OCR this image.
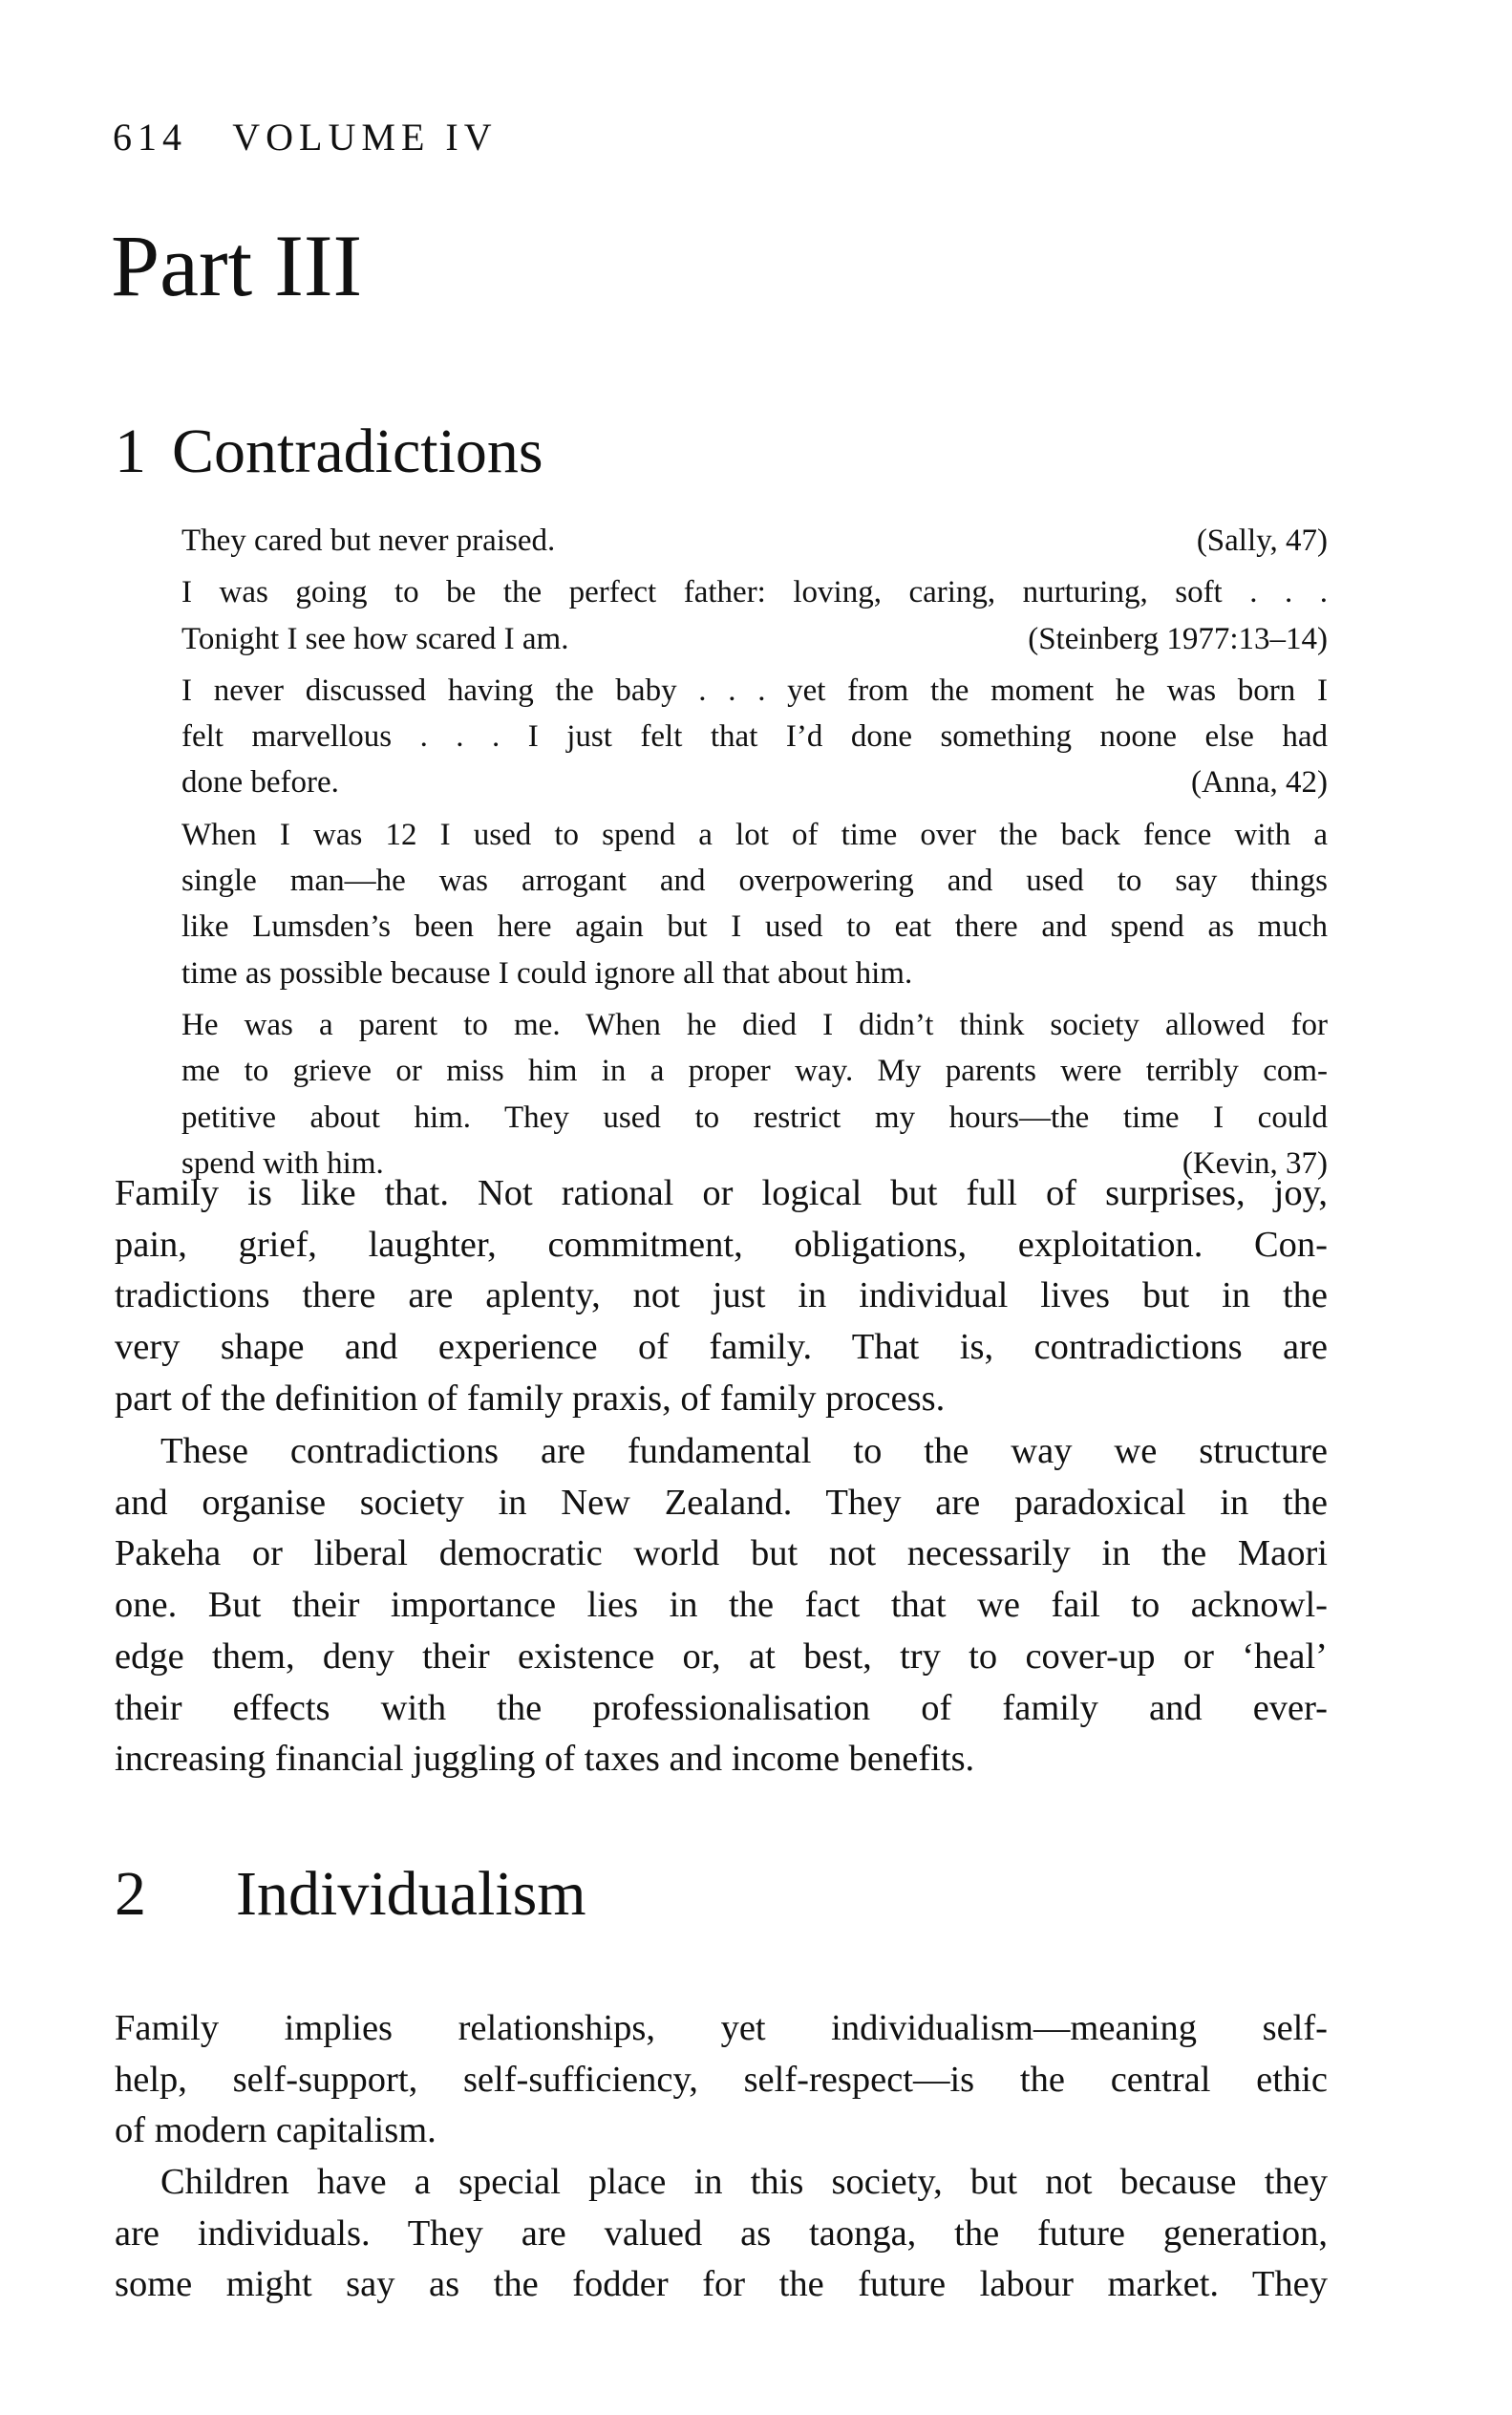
614 VOLUME IV
Part III
1 Contradictions
They cared but never praised.	(Sally, 47)
I was going to be the perfect father: loving, caring, nurturing, soft . . .
Tonight I see how scared I am.	(Steinberg 1977:13–14)
I never discussed having the baby . . . yet from the moment he was born I
felt marvellous . . . I just felt that I’d done something noone else had
done before.	(Anna, 42)
When I was 12 I used to spend a lot of time over the back fence with a
single man—he was arrogant and overpowering and used to say things
like Lumsden’s been here again but I used to eat there and spend as much
time as possible because I could ignore all that about him.
He was a parent to me. When he died I didn’t think society allowed for
me to grieve or miss him in a proper way. My parents were terribly com-
petitive about him. They used to restrict my hours—the time I could
spend with him.	(Kevin, 37)
Family is like that. Not rational or logical but full of surprises, joy,
pain, grief, laughter, commitment, obligations, exploitation. Con-
tradictions there are aplenty, not just in individual lives but in the
very shape and experience of family. That is, contradictions are
part of the definition of family praxis, of family process.
These contradictions are fundamental to the way we structure
and organise society in New Zealand. They are paradoxical in the
Pakeha or liberal democratic world but not necessarily in the Maori
one. But their importance lies in the fact that we fail to acknowl-
edge them, deny their existence or, at best, try to cover-up or ‘heal’
their effects with the professionalisation of family and ever-
increasing financial juggling of taxes and income benefits.
2 Individualism
Family implies relationships, yet individualism—meaning self-
help, self-support, self-sufficiency, self-respect—is the central ethic
of modern capitalism.
Children have a special place in this society, but not because they
are individuals. They are valued as taonga, the future generation,
some might say as the fodder for the future labour market. They
